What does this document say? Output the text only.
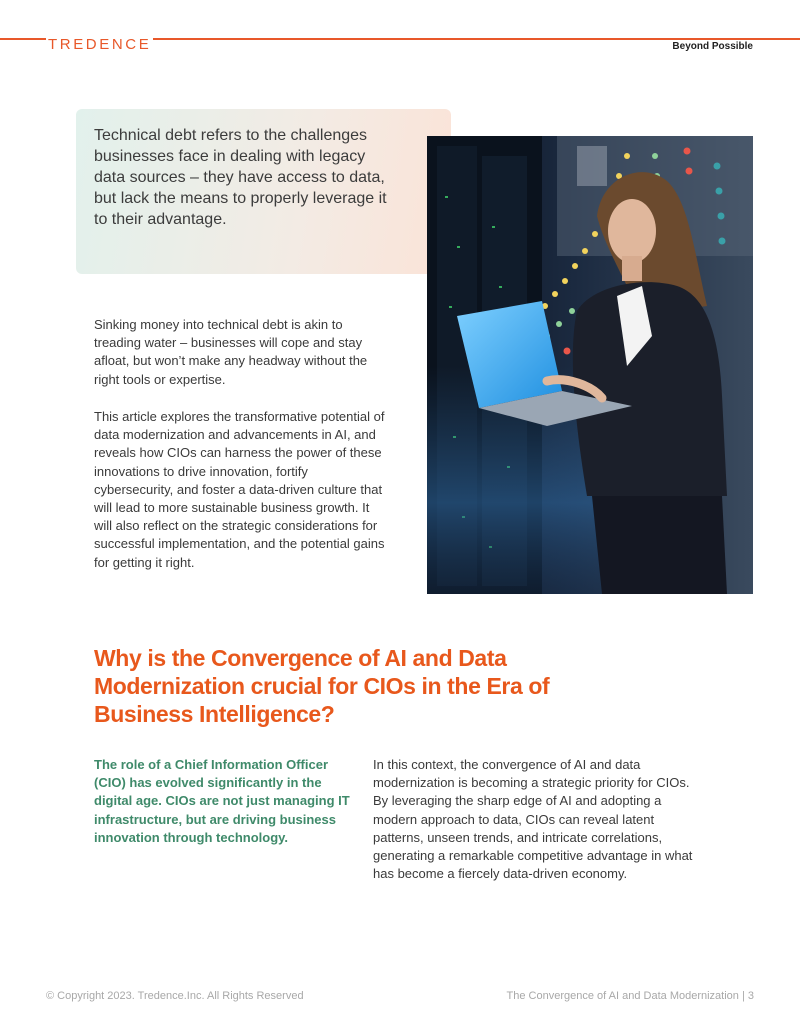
TREDENCE	Beyond Possible

Technical debt refers to the challenges businesses face in dealing with legacy data sources – they have access to data, but lack the means to properly leverage it to their advantage.

Sinking money into technical debt is akin to treading water – businesses will cope and stay afloat, but won’t make any headway without the right tools or expertise.

This article explores the transformative potential of data modernization and advancements in AI, and reveals how CIOs can harness the power of these innovations to drive innovation, fortify cybersecurity, and foster a data-driven culture that will lead to more sustainable business growth. It will also reflect on the strategic considerations for successful implementation, and the potential gains for getting it right.

Why is the Convergence of AI and Data Modernization crucial for CIOs in the Era of Business Intelligence?

The role of a Chief Information Officer (CIO) has evolved significantly in the digital age. CIOs are not just managing IT infrastructure, but are driving business innovation through technology.

In this context, the convergence of AI and data modernization is becoming a strategic priority for CIOs. By leveraging the sharp edge of AI and adopting a modern approach to data, CIOs can reveal latent patterns, unseen trends, and intricate correlations, generating a remarkable competitive advantage in what has become a fiercely data-driven economy.

© Copyright 2023. Tredence.Inc. All Rights Reserved	The Convergence of AI and Data Modernization | 3
